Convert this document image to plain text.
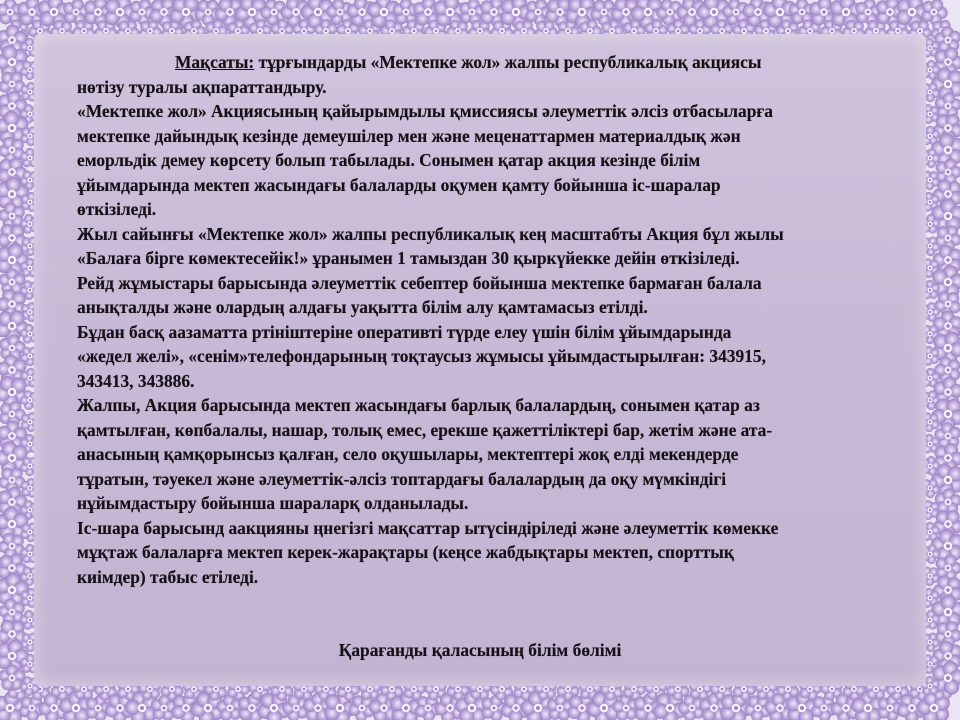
Мақсаты: тұрғындарды «Мектепке жол» жалпы республикалық акциясы
нөтізу туралы ақпараттандыру.
«Мектепке жол» Акциясының қайырымдылы қмиссиясы әлеуметтік әлсіз отбасыларға
мектепке дайындық кезінде демеушілер мен және меценаттармен материалдық жән
еморльдік демеу көрсету болып табылады. Сонымен қатар акция кезінде білім
ұйымдарында мектеп жасындағы балаларды оқумен қамту бойынша іс-шаралар
өткізіледі.
Жыл сайынғы «Мектепке жол» жалпы республикалық кең масштабты Акция бұл жылы
«Балаға бірге көмектесейік!» ұранымен 1 тамыздан 30 қыркүйекке дейін өткізіледі.
Рейд жұмыстары барысында әлеуметтік себептер бойынша мектепке бармаған балала
анықталды және олардың алдағы уақытта білім алу қамтамасыз етілді.
Бұдан басқ аазаматта ртініштеріне оперативті түрде елеу үшін білім ұйымдарында
«жедел желі», «сенім»телефондарының тоқтаусыз жұмысы ұйымдастырылған: 343915,
343413, 343886.
Жалпы, Акция барысында мектеп жасындағы барлық балалардың, сонымен қатар аз
қамтылған, көпбалалы, нашар, толық емес, ерекше қажеттіліктері бар, жетім және ата-
анасының қамқорынсыз қалған, село оқушылары, мектептері жоқ елді мекендерде
тұратын, тәуекел және әлеуметтік-әлсіз топтардағы балалардың да оқу мүмкіндігі
нұйымдастыру бойынша шараларқ олданылады.
Іс-шара барысынд аакцияны ңнегізгі мақсаттар ытүсіндіріледі және әлеуметтік көмекке
мұқтаж балаларға мектеп керек-жарақтары (кеңсе жабдықтары мектеп, спорттық
киімдер) табыс етіледі.
Қарағанды қаласының білім бөлімі
